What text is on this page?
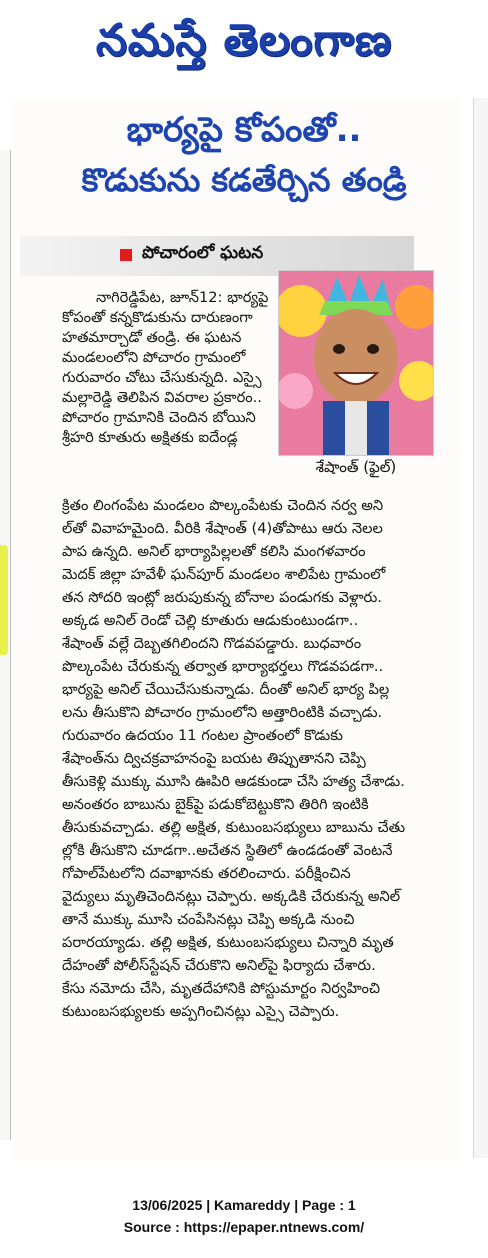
నమస్తే తెలంగాణ
భార్యపై కోపంతో..
కొడుకును కడతేర్చిన తండ్రి
పోచారంలో ఘటన
శేషాంత్ (ఫైల్)
నాగిరెడ్డిపేట, జూన్12: భార్యపై
కోపంతో కన్నకొడుకును దారుణంగా
హతమార్చాడో తండ్రి. ఈ ఘటన
మండలంలోని పోచారం గ్రామంలో
గురువారం చోటు చేసుకున్నది. ఎస్సై
మల్లారెడ్డి తెలిపిన వివరాల ప్రకారం..
పోచారం గ్రామానికి చెందిన బోయిని
శ్రీహరి కూతురు అక్షితకు ఐదేండ్ల
క్రితం లింగంపేట మండలం పొల్కంపేటకు చెందిన నర్వ అని
ల్‌తో వివాహమైంది. వీరికి శేషాంత్ (4)తోపాటు ఆరు నెలల
పాప ఉన్నది. అనిల్ భార్యాపిల్లలతో కలిసి మంగళవారం
మెదక్ జిల్లా హవేళీ ఘన్‌పూర్ మండలం శాలిపేట గ్రామంలో
తన సోదరి ఇంట్లో జరుపుకున్న బోనాల పండుగకు వెళ్లారు.
అక్కడ అనిల్ రెండో చెల్లి కూతురు ఆడుకుంటుండగా..
శేషాంత్ వల్లే దెబ్బతగిలిందని గొడవపడ్డారు. బుధవారం
పొల్కంపేట చేరుకున్న తర్వాత భార్యాభర్తలు గొడవపడగా..
భార్యపై అనిల్ చేయిచేసుకున్నాడు. దీంతో అనిల్ భార్య పిల్ల
లను తీసుకొని పోచారం గ్రామంలోని అత్తారింటికి వచ్చాడు.
గురువారం ఉదయం 11 గంటల ప్రాంతంలో కొడుకు
శేషాంత్‌ను ద్విచక్రవాహనంపై బయట తిప్పుతానని చెప్పి
తీసుకెళ్లి ముక్కు మూసి ఊపిరి ఆడకుండా చేసి హత్య చేశాడు.
అనంతరం బాబును బైక్‌పై పడుకోబెట్టుకొని తిరిగి ఇంటికి
తీసుకువచ్చాడు. తల్లి అక్షిత, కుటుంబసభ్యులు బాబును చేతు
ల్లోకి తీసుకొని చూడగా..అచేతన స్థితిలో ఉండడంతో వెంటనే
గోపాల్‌పేటలోని దవాఖానకు తరలించారు. పరీక్షించిన
వైద్యులు మృతిచెందినట్లు చెప్పారు. అక్కడికి చేరుకున్న అనిల్
తానే ముక్కు మూసి చంపేసినట్లు చెప్పి అక్కడి నుంచి
పరారయ్యాడు. తల్లి అక్షిత, కుటుంబసభ్యులు చిన్నారి మృత
దేహంతో పోలీస్‌స్టేషన్ చేరుకొని అనిల్‌పై ఫిర్యాదు చేశారు.
కేసు నమోదు చేసి, మృతదేహానికి పోస్టుమార్టం నిర్వహించి
కుటుంబసభ్యులకు అప్పగించినట్లు ఎస్సై చెప్పారు.
13/06/2025 | Kamareddy | Page : 1
Source : https://epaper.ntnews.com/
